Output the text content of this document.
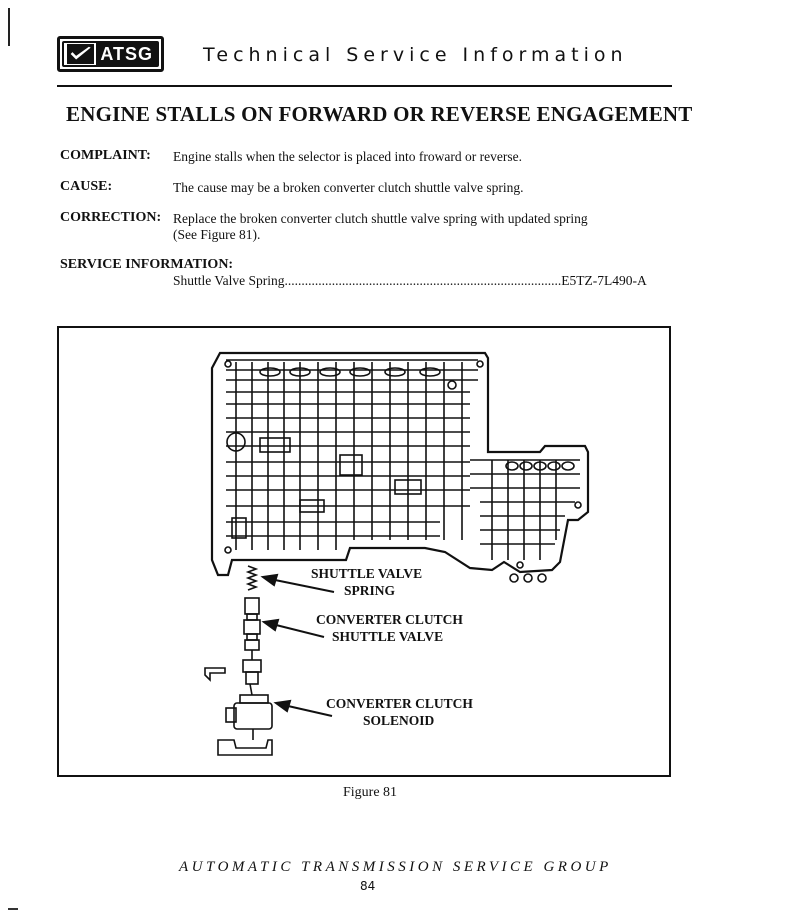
ATSG	Technical Service Information
ENGINE STALLS ON FORWARD OR REVERSE ENGAGEMENT
COMPLAINT: Engine stalls when the selector is placed into froward or reverse.
CAUSE:	The cause may be a broken converter clutch shuttle valve spring.
CORRECTION: Replace the broken converter clutch shuttle valve spring with updated spring
(See Figure 81).
SERVICE INFORMATION:
Shuttle Valve Spring..................................................................................E5TZ-7L490-A
SHUTTLE VALVE
SPRING
CONVERTER CLUTCH
SHUTTLE VALVE
CONVERTER CLUTCH
SOLENOID
Figure 81
AUTOMATIC TRANSMISSION SERVICE GROUP
84
